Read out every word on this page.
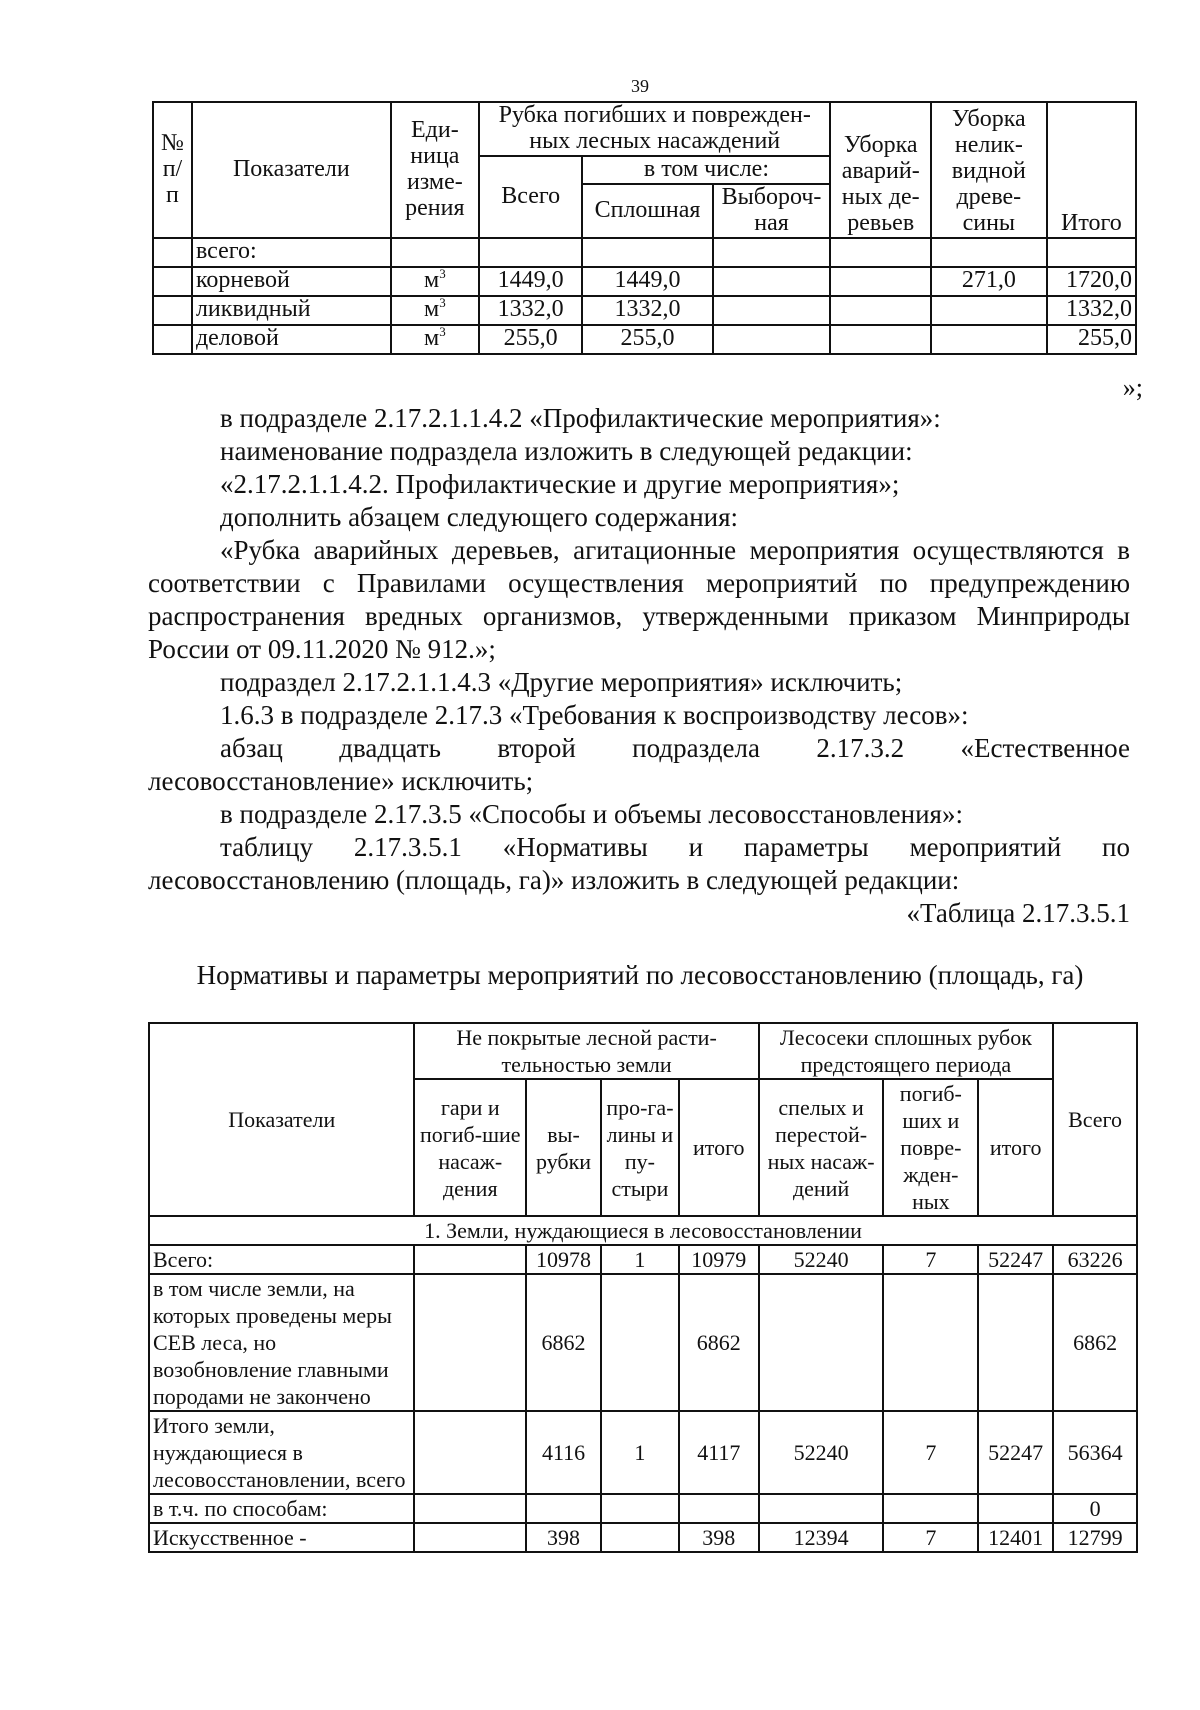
39
№ п/п	Показатели	Еди-ница изме-рения	Рубка погибших и поврежден-ных лесных насаждений			Уборка аварий-ных де-ревьев	Уборка нелик-видной древе-сины	Итого
			Всего	в том числе:				
				Сплошная	Выбороч-ная			
	всего:							
	корневой	$м^3$	1449,0	1449,0			271,0	1720,0
	ликвидный	$м^3$	1332,0	1332,0				1332,0
	деловой	$м^3$	255,0	255,0				255,0
»;

в подразделе 2.17.2.1.1.4.2 «Профилактические мероприятия»:

наименование подраздела изложить в следующей редакции:

«2.17.2.1.1.4.2. Профилактические и другие мероприятия»;

дополнить абзацем следующего содержания:

«Рубка аварийных деревьев, агитационные мероприятия осуществляются в соответствии с Правилами осуществления мероприятий по предупреждению распространения вредных организмов, утвержденными приказом Минприроды России от 09.11.2020 № 912.»;

подраздел 2.17.2.1.1.4.3 «Другие мероприятия» исключить;

1.6.3 в подразделе 2.17.3 «Требования к воспроизводству лесов»:

абзац двадцать второй подраздела 2.17.3.2 «Естественное лесовосстановление» исключить;

в подразделе 2.17.3.5 «Способы и объемы лесовосстановления»:

таблицу 2.17.3.5.1 «Нормативы и параметры мероприятий по лесовосстановлению (площадь, га)» изложить в следующей редакции:

«Таблица 2.17.3.5.1

Нормативы и параметры мероприятий по лесовосстановлению (площадь, га)
Показатели	Не покрытые лесной расти-тельностью земли				Лесосеки сплошных рубок предстоящего периода			Всего
	гари и погиб-шие насаж-дения	вы-рубки	про-га-лины и пу-стыри	итого	спелых и перестой-ных насаж-дений	погиб-ших и повре-жден-ных	итого	
1. Земли, нуждающиеся в лесовосстановлении								
Всего:		10978	1	10979	52240	7	52247	63226
в том числе земли, на которых проведены меры СЕВ леса, но возобновление главными породами не закончено		6862		6862				6862
Итого земли, нуждающиеся в лесовосстановлении, всего		4116	1	4117	52240	7	52247	56364
в т.ч. по способам:								0
Искусственное -		398		398	12394	7	12401	12799
